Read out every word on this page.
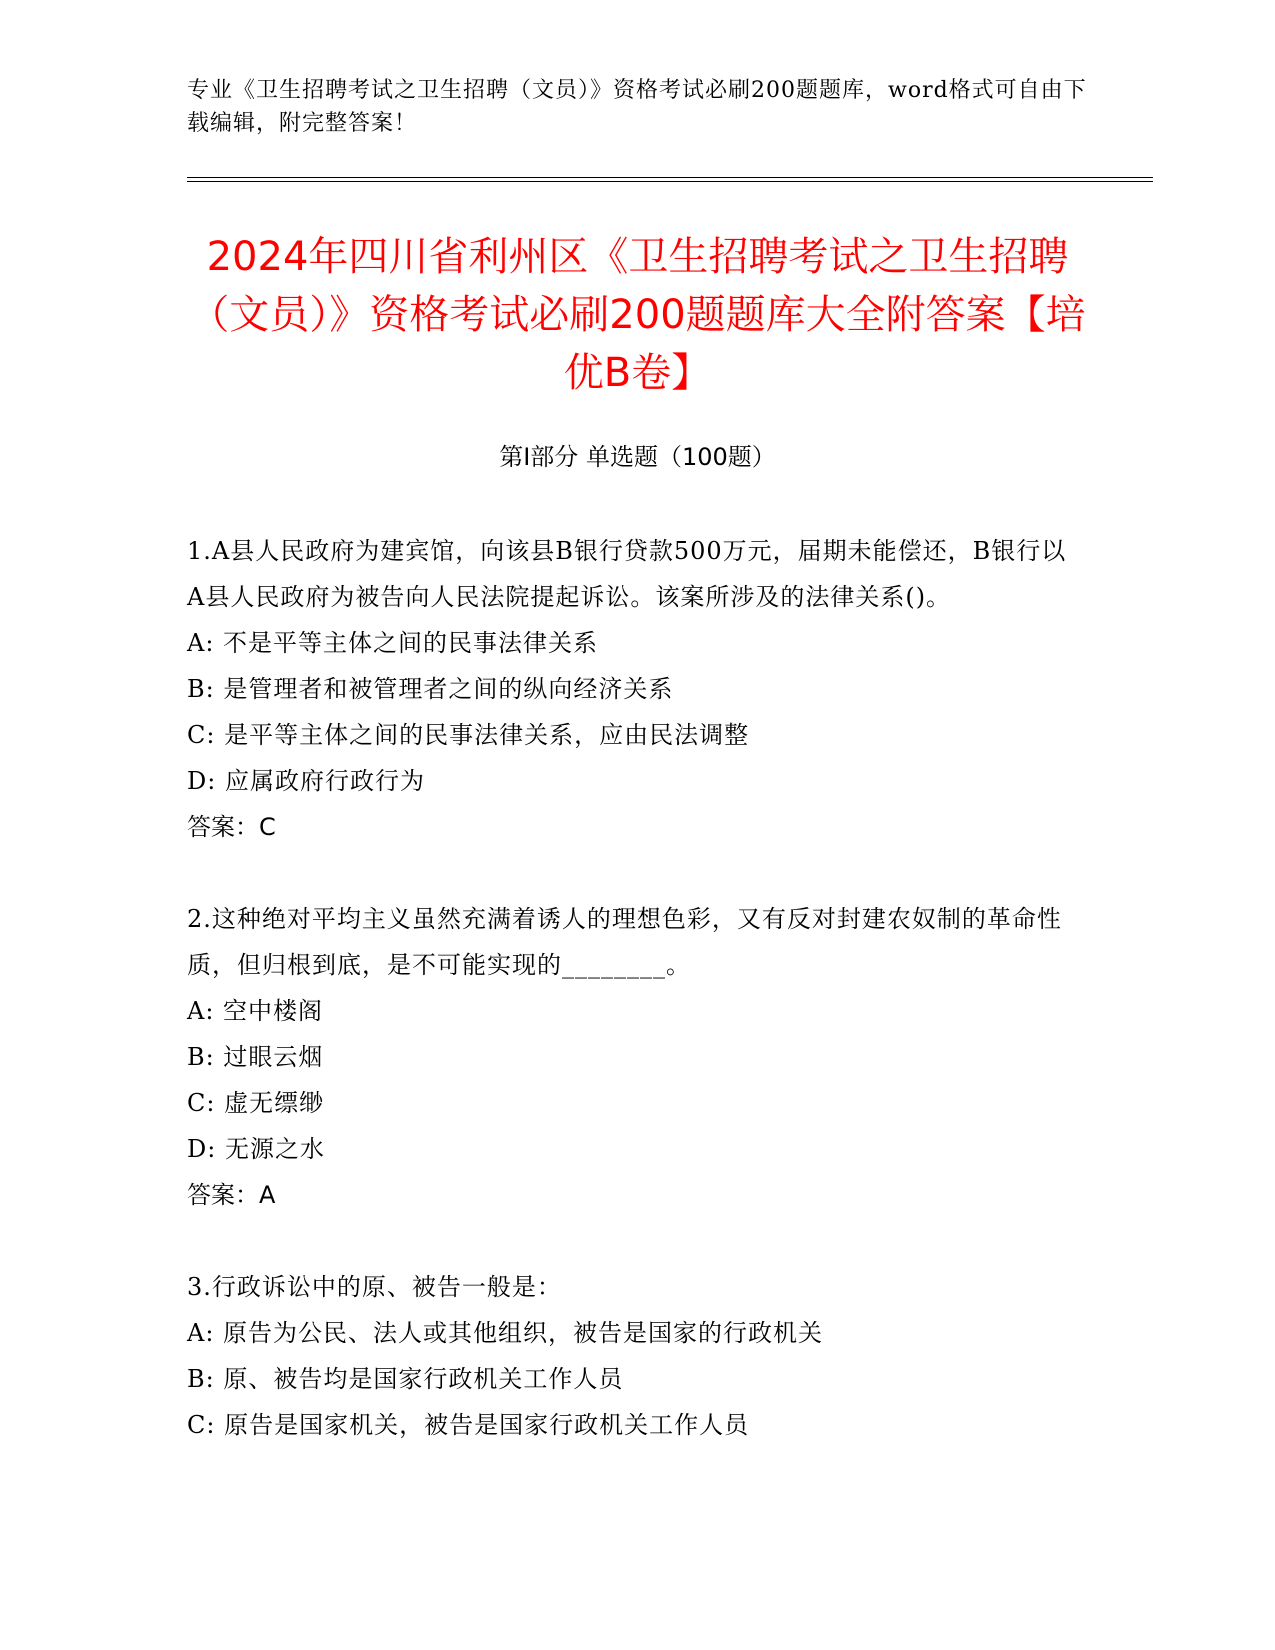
专业《卫生招聘考试之卫生招聘（文员）》资格考试必刷200题题库，word格式可自由下载编辑，附完整答案！
2024年四川省利州区《卫生招聘考试之卫生招聘（文员）》资格考试必刷200题题库大全附答案【培优B卷】
第I部分 单选题（100题）

1.A县人民政府为建宾馆，向该县B银行贷款500万元，届期未能偿还，B银行以A县人民政府为被告向人民法院提起诉讼。该案所涉及的法律关系()。

A: 不是平等主体之间的民事法律关系

B: 是管理者和被管理者之间的纵向经济关系

C: 是平等主体之间的民事法律关系，应由民法调整

D: 应属政府行政行为

答案：C

2.这种绝对平均主义虽然充满着诱人的理想色彩，又有反对封建农奴制的革命性质，但归根到底，是不可能实现的________。

A: 空中楼阁

B: 过眼云烟

C: 虚无缥缈

D: 无源之水

答案：A

3.行政诉讼中的原、被告一般是：

A: 原告为公民、法人或其他组织，被告是国家的行政机关

B: 原、被告均是国家行政机关工作人员

C: 原告是国家机关，被告是国家行政机关工作人员
